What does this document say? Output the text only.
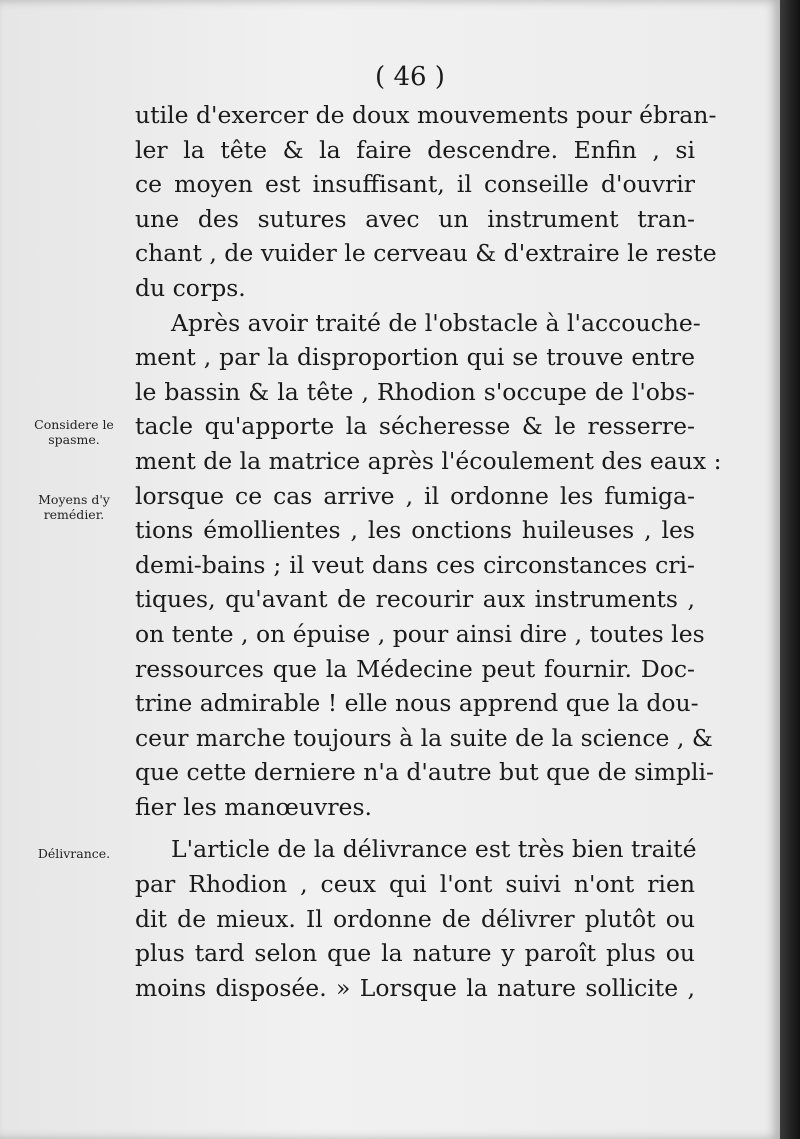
( 46 )
utile d'exercer de doux mouvements pour ébran-
ler la tête & la faire descendre. Enfin , si
ce moyen est insuffisant, il conseille d'ouvrir
une des sutures avec un instrument tran-
chant , de vuider le cerveau & d'extraire le reste
du corps.
Après avoir traité de l'obstacle à l'accouche-
ment , par la disproportion qui se trouve entre
le bassin & la tête , Rhodion s'occupe de l'obs-
tacle qu'apporte la sécheresse & le resserre-
ment de la matrice après l'écoulement des eaux :
lorsque ce cas arrive , il ordonne les fumiga-
tions émollientes , les onctions huileuses , les
demi-bains ; il veut dans ces circonstances cri-
tiques, qu'avant de recourir aux instruments ,
on tente , on épuise , pour ainsi dire , toutes les
ressources que la Médecine peut fournir. Doc-
trine admirable ! elle nous apprend que la dou-
ceur marche toujours à la suite de la science , &
que cette derniere n'a d'autre but que de simpli-
fier les manœuvres.
L'article de la délivrance est très bien traité
par Rhodion , ceux qui l'ont suivi n'ont rien
dit de mieux. Il ordonne de délivrer plutôt ou
plus tard selon que la nature y paroît plus ou
moins disposée. » Lorsque la nature sollicite ,
Considere le
spasme.
Moyens d'y
remédier.
Délivrance.
